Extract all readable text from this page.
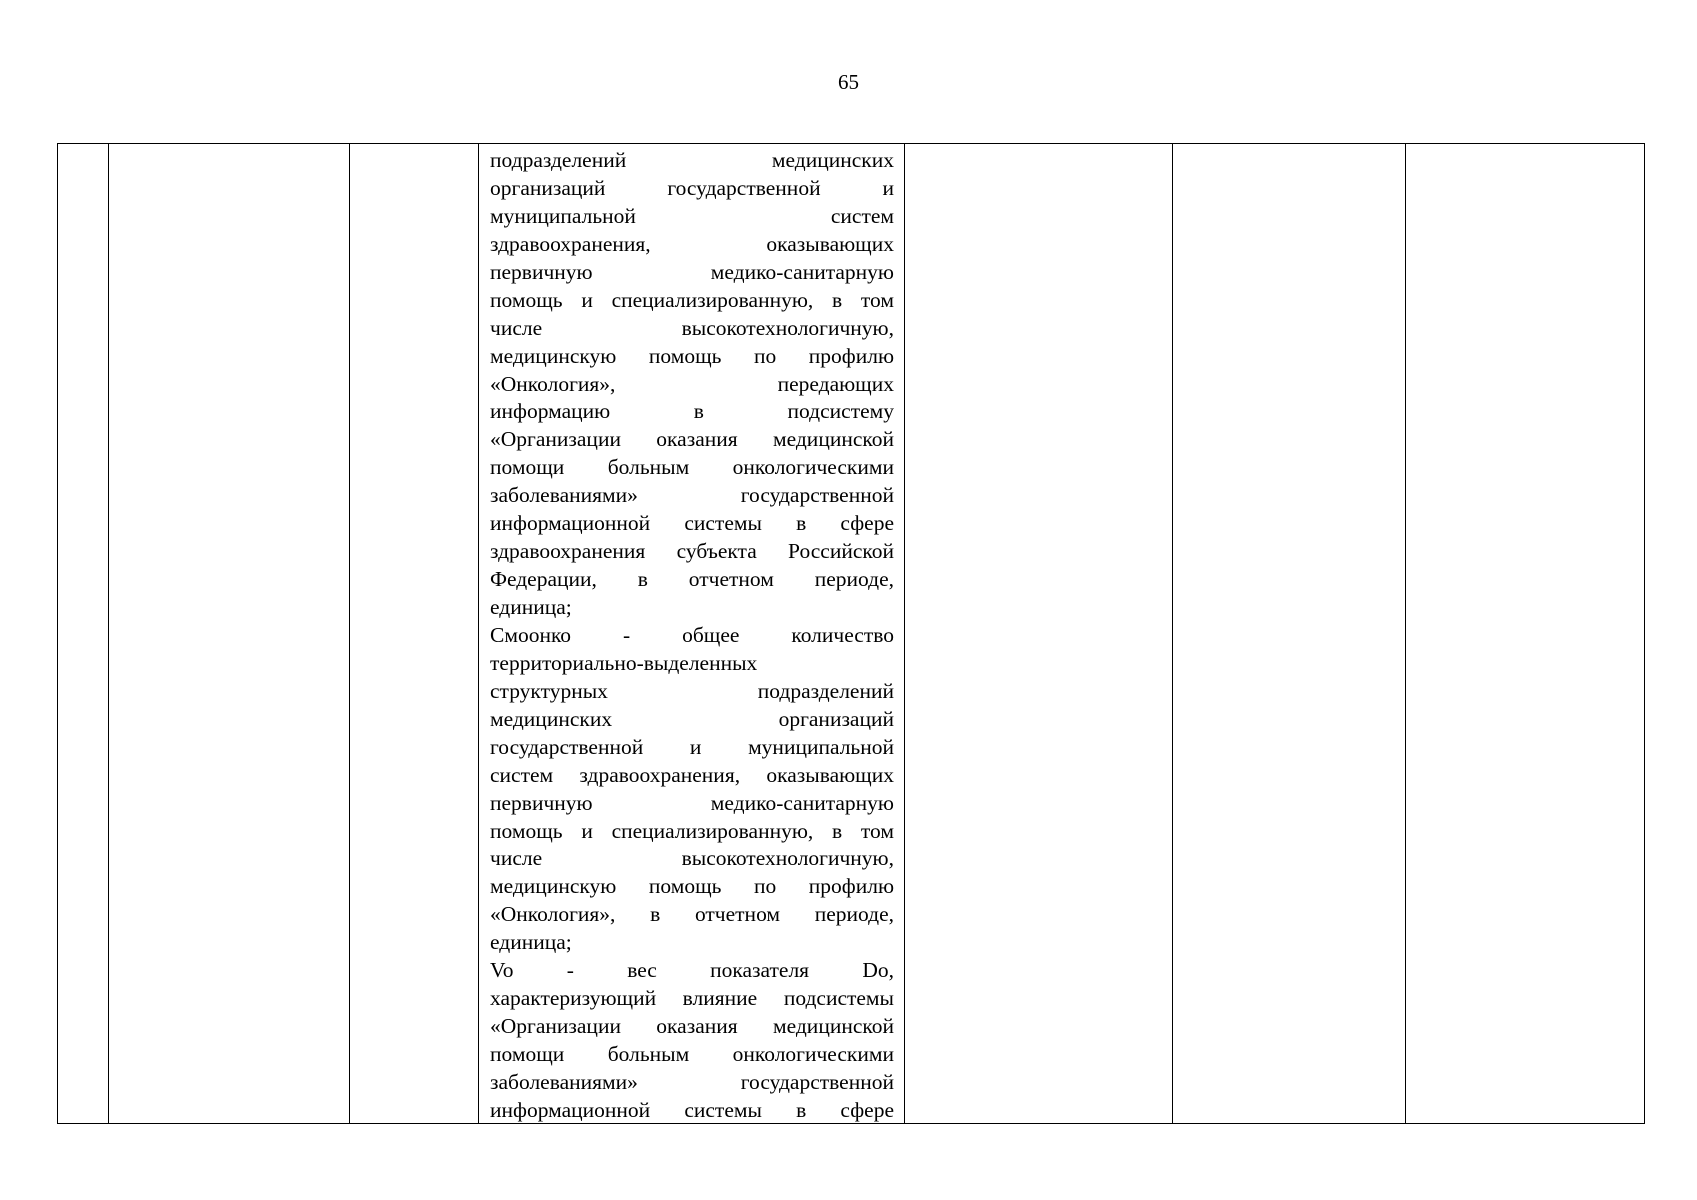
65

подразделений медицинских
организаций государственной и
муниципальной систем
здравоохранения, оказывающих
первичную медико-санитарную
помощь и специализированную, в том
числе высокотехнологичную,
медицинскую помощь по профилю
«Онкология», передающих
информацию в подсистему
«Организации оказания медицинской
помощи больным онкологическими
заболеваниями» государственной
информационной системы в сфере
здравоохранения субъекта Российской
Федерации, в отчетном периоде,
единица;
Смоонко - общее количество
территориально-выделенных
структурных подразделений
медицинских организаций
государственной и муниципальной
систем здравоохранения, оказывающих
первичную медико-санитарную
помощь и специализированную, в том
числе высокотехнологичную,
медицинскую помощь по профилю
«Онкология», в отчетном периоде,
единица;
Vo - вес показателя Do,
характеризующий влияние подсистемы
«Организации оказания медицинской
помощи больным онкологическими
заболеваниями» государственной
информационной системы в сфере
